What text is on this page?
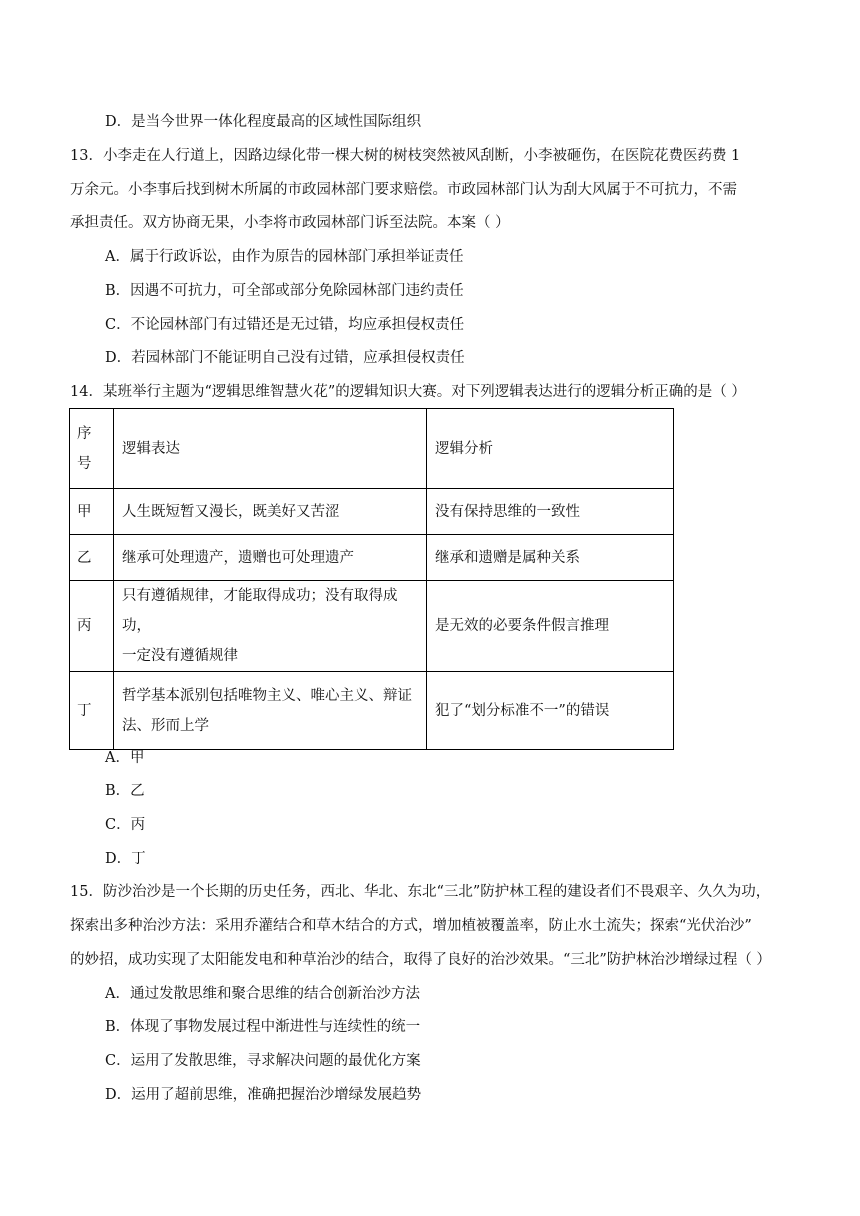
D．是当今世界一体化程度最高的区域性国际组织
13．小李走在人行道上，因路边绿化带一棵大树的树枝突然被风刮断，小李被砸伤，在医院花费医药费 1
万余元。小李事后找到树木所属的市政园林部门要求赔偿。市政园林部门认为刮大风属于不可抗力，不需
承担责任。双方协商无果，小李将市政园林部门诉至法院。本案（ ）
A．属于行政诉讼，由作为原告的园林部门承担举证责任
B．因遇不可抗力，可全部或部分免除园林部门违约责任
C．不论园林部门有过错还是无过错，均应承担侵权责任
D．若园林部门不能证明自己没有过错，应承担侵权责任
14．某班举行主题为“逻辑思维智慧火花”的逻辑知识大赛。对下列逻辑表达进行的逻辑分析正确的是（ ）
序
号	逻辑表达	逻辑分析
甲	人生既短暂又漫长，既美好又苦涩	没有保持思维的一致性
乙	继承可处理遗产，遗赠也可处理遗产	继承和遗赠是属种关系
丙	只有遵循规律，才能取得成功；没有取得成功，
一定没有遵循规律	是无效的必要条件假言推理
丁	哲学基本派别包括唯物主义、唯心主义、辩证
法、形而上学	犯了“划分标准不一”的错误
A．甲
B．乙
C．丙
D．丁
15．防沙治沙是一个长期的历史任务，西北、华北、东北“三北”防护林工程的建设者们不畏艰辛、久久为功，
探索出多种治沙方法：采用乔灌结合和草木结合的方式，增加植被覆盖率，防止水土流失；探索“光伏治沙”
的妙招，成功实现了太阳能发电和种草治沙的结合，取得了良好的治沙效果。“三北”防护林治沙增绿过程（ ）
A．通过发散思维和聚合思维的结合创新治沙方法
B．体现了事物发展过程中渐进性与连续性的统一
C．运用了发散思维，寻求解决问题的最优化方案
D．运用了超前思维，准确把握治沙增绿发展趋势
